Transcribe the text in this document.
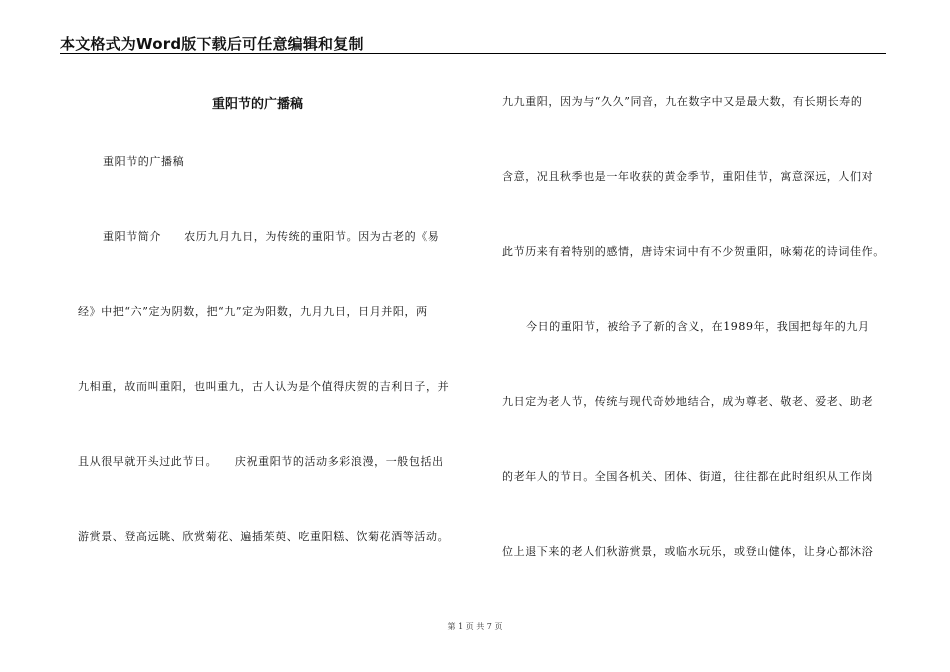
本文格式为Word版下载后可任意编辑和复制
重阳节的广播稿
重阳节的广播稿
重阳节简介　　农历九月九日，为传统的重阳节。因为古老的《易
经》中把“六”定为阴数，把“九”定为阳数，九月九日，日月并阳，两
九相重，故而叫重阳，也叫重九，古人认为是个值得庆贺的吉利日子，并
且从很早就开头过此节日。　　庆祝重阳节的活动多彩浪漫，一般包括出
游赏景、登高远眺、欣赏菊花、遍插茱萸、吃重阳糕、饮菊花酒等活动。
九九重阳，因为与“久久”同音，九在数字中又是最大数，有长期长寿的
含意，况且秋季也是一年收获的黄金季节，重阳佳节，寓意深远，人们对
此节历来有着特别的感情，唐诗宋词中有不少贺重阳，咏菊花的诗词佳作。
今日的重阳节，被给予了新的含义，在1989年，我国把每年的九月
九日定为老人节，传统与现代奇妙地结合，成为尊老、敬老、爱老、助老
的老年人的节日。全国各机关、团体、街道，往往都在此时组织从工作岗
位上退下来的老人们秋游赏景，或临水玩乐，或登山健体，让身心都沐浴
第 1 页 共 7 页
